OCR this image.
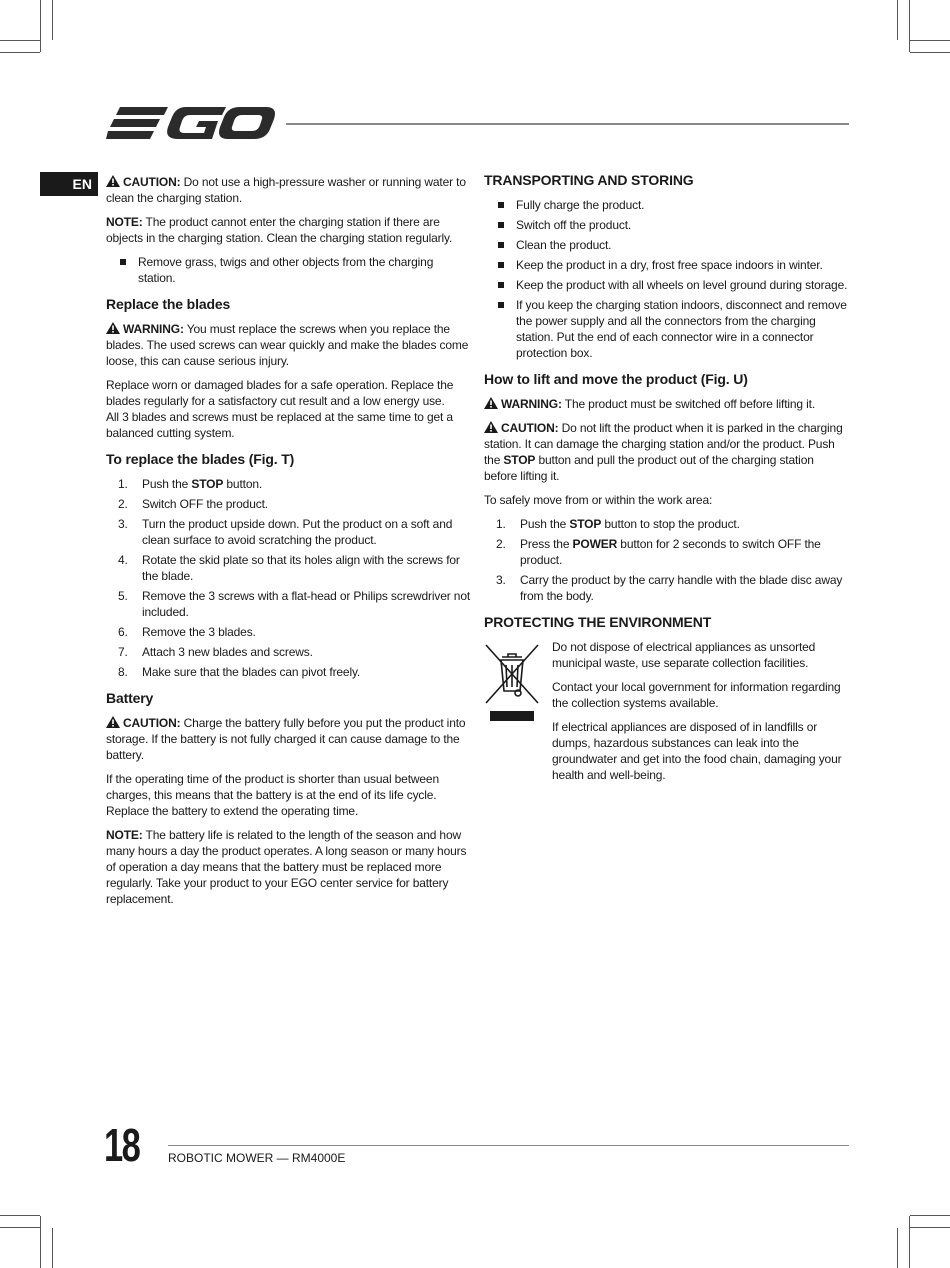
EN	CAUTION: Do not use a high-pressure washer or running water to clean the charging station.

NOTE: The product cannot enter the charging station if there are objects in the charging station. Clean the charging station regularly.

Remove grass, twigs and other objects from the charging station.
Replace the blades

WARNING: You must replace the screws when you replace the blades. The used screws can wear quickly and make the blades come loose, this can cause serious injury.

Replace worn or damaged blades for a safe operation. Replace the blades regularly for a satisfactory cut result and a low energy use.
All 3 blades and screws must be replaced at the same time to get a balanced cutting system.

To replace the blades (Fig. T)
1. Push the STOP button.
2. Switch OFF the product.
3. Turn the product upside down. Put the product on a soft and clean surface to avoid scratching the product.
4. Rotate the skid plate so that its holes align with the screws for the blade.
5. Remove the 3 screws with a flat-head or Philips screwdriver not included.
6. Remove the 3 blades.
7. Attach 3 new blades and screws.
8. Make sure that the blades can pivot freely.
Battery

CAUTION: Charge the battery fully before you put the product into storage. If the battery is not fully charged it can cause damage to the battery.

If the operating time of the product is shorter than usual between charges, this means that the battery is at the end of its life cycle. Replace the battery to extend the operating time.

NOTE: The battery life is related to the length of the season and how many hours a day the product operates. A long season or many hours of operation a day means that the battery must be replaced more regularly. Take your product to your EGO center service for battery replacement.

TRANSPORTING AND STORING
Fully charge the product.
Switch off the product.
Clean the product.
Keep the product in a dry, frost free space indoors in winter.
Keep the product with all wheels on level ground during storage.
If you keep the charging station indoors, disconnect and remove the power supply and all the connectors from the charging station. Put the end of each connector wire in a connector protection box.
How to lift and move the product (Fig. U)

WARNING: The product must be switched off before lifting it.

CAUTION: Do not lift the product when it is parked in the charging station. It can damage the charging station and/or the product. Push the STOP button and pull the product out of the charging station before lifting it.

To safely move from or within the work area:

1. Push the STOP button to stop the product.
2. Press the POWER button for 2 seconds to switch OFF the product.
3. Carry the product by the carry handle with the blade disc away from the body.
PROTECTING THE ENVIRONMENT

Do not dispose of electrical appliances as unsorted municipal waste, use separate collection facilities.

Contact your local government for information regarding the collection systems available.

If electrical appliances are disposed of in landfills or dumps, hazardous substances can leak into the groundwater and get into the food chain, damaging your health and well-being.

18 ROBOTIC MOWER — RM4000E
